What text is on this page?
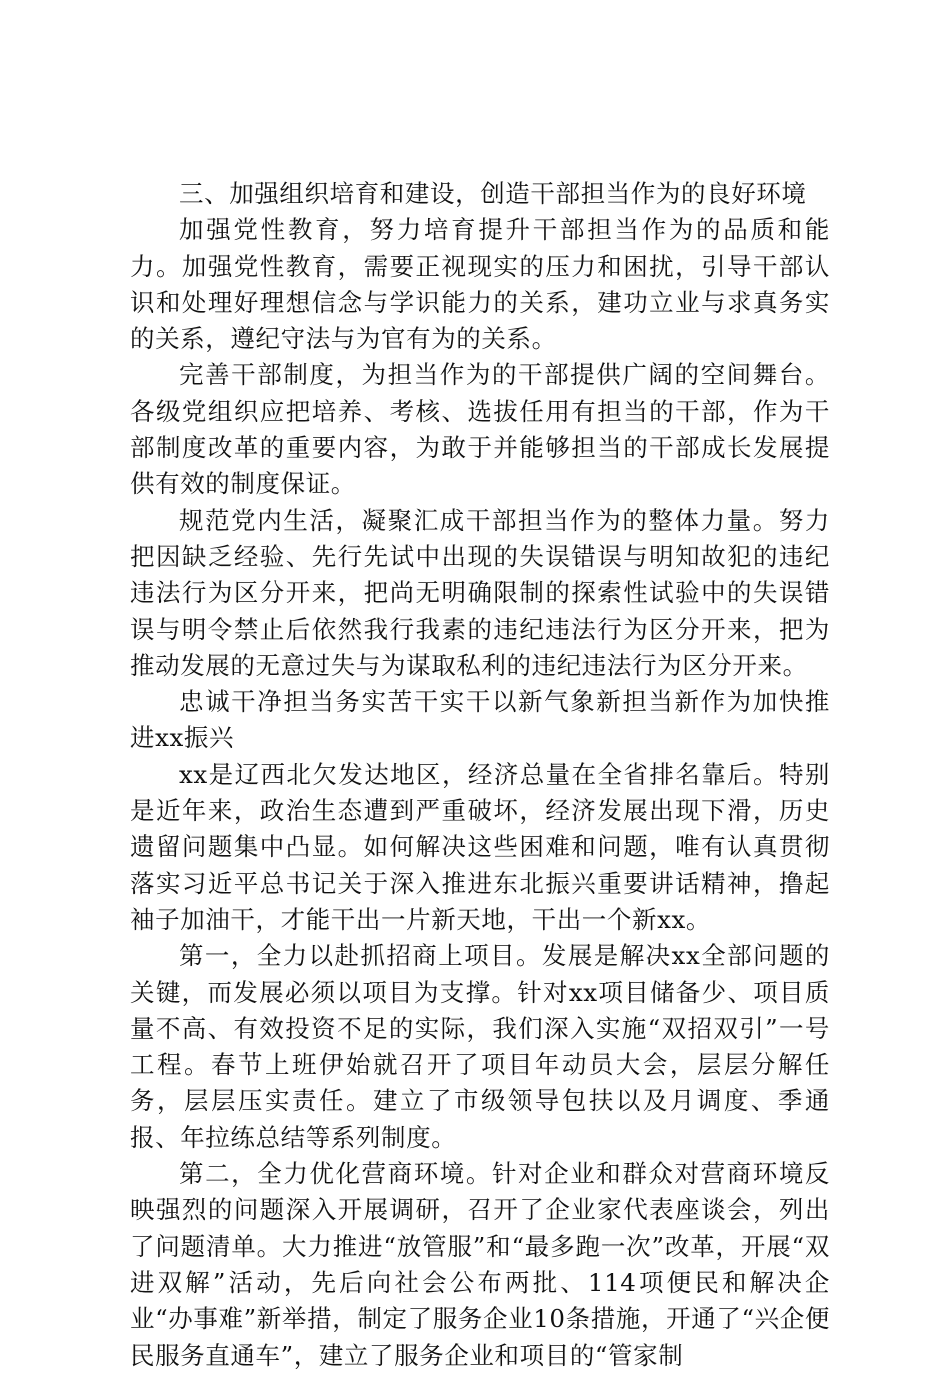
三、加强组织培育和建设，创造干部担当作为的良好环境

加强党性教育，努力培育提升干部担当作为的品质和能力。加强党性教育，需要正视现实的压力和困扰，引导干部认识和处理好理想信念与学识能力的关系，建功立业与求真务实的关系，遵纪守法与为官有为的关系。

完善干部制度，为担当作为的干部提供广阔的空间舞台。各级党组织应把培养、考核、选拔任用有担当的干部，作为干部制度改革的重要内容，为敢于并能够担当的干部成长发展提供有效的制度保证。

规范党内生活，凝聚汇成干部担当作为的整体力量。努力把因缺乏经验、先行先试中出现的失误错误与明知故犯的违纪违法行为区分开来，把尚无明确限制的探索性试验中的失误错误与明令禁止后依然我行我素的违纪违法行为区分开来，把为推动发展的无意过失与为谋取私利的违纪违法行为区分开来。

忠诚干净担当务实苦干实干以新气象新担当新作为加快推进xx振兴

xx是辽西北欠发达地区，经济总量在全省排名靠后。特别是近年来，政治生态遭到严重破坏，经济发展出现下滑，历史遗留问题集中凸显。如何解决这些困难和问题，唯有认真贯彻落实习近平总书记关于深入推进东北振兴重要讲话精神，撸起袖子加油干，才能干出一片新天地，干出一个新xx。

第一，全力以赴抓招商上项目。发展是解决xx全部问题的关键，而发展必须以项目为支撑。针对xx项目储备少、项目质量不高、有效投资不足的实际，我们深入实施“双招双引”一号工程。春节上班伊始就召开了项目年动员大会，层层分解任务，层层压实责任。建立了市级领导包扶以及月调度、季通报、年拉练总结等系列制度。

第二，全力优化营商环境。针对企业和群众对营商环境反映强烈的问题深入开展调研，召开了企业家代表座谈会，列出了问题清单。大力推进“放管服”和“最多跑一次”改革，开展“双进双解”活动，先后向社会公布两批、114项便民和解决企业“办事难”新举措，制定了服务企业10条措施，开通了“兴企便民服务直通车”，建立了服务企业和项目的“管家制
